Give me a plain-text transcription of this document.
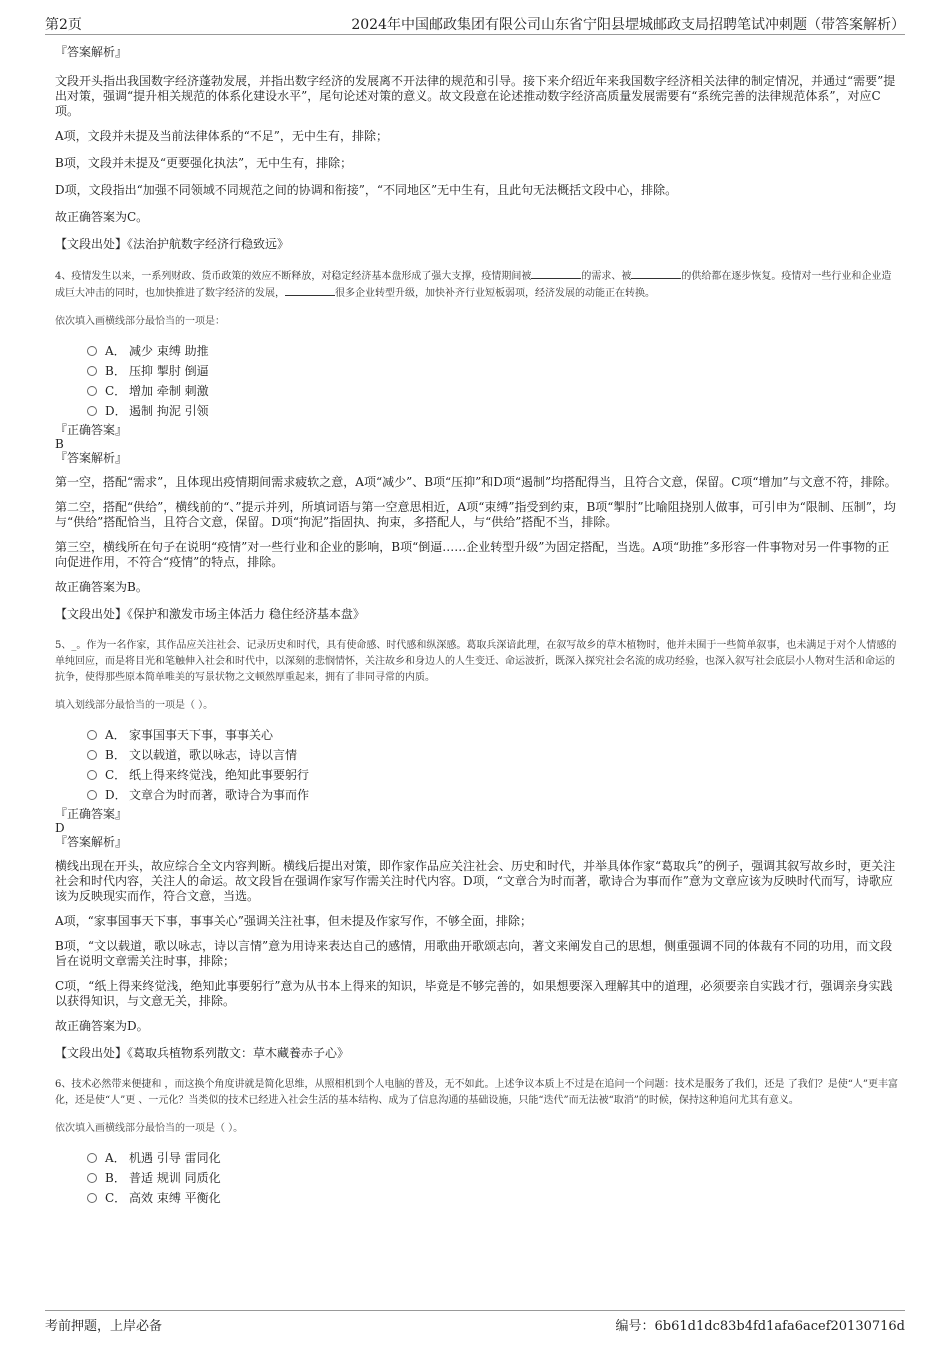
第2页	2024年中国邮政集团有限公司山东省宁阳县堽城邮政支局招聘笔试冲刺题（带答案解析）

『答案解析』

文段开头指出我国数字经济蓬勃发展，并指出数字经济的发展离不开法律的规范和引导。接下来介绍近年来我国数字经济相关法律的制定情况，并通过“需要”提出对策，强调“提升相关规范的体系化建设水平”，尾句论述对策的意义。故文段意在论述推动数字经济高质量发展需要有“系统完善的法律规范体系”，对应C项。

A项，文段并未提及当前法律体系的“不足”，无中生有，排除；

B项，文段并未提及“更要强化执法”，无中生有，排除；

D项，文段指出“加强不同领域不同规范之间的协调和衔接”，“不同地区”无中生有，且此句无法概括文段中心，排除。

故正确答案为C。

【文段出处】《法治护航数字经济行稳致远》

4、疫情发生以来，一系列财政、货币政策的效应不断释放，对稳定经济基本盘形成了强大支撑，疫情期间被	的需求、被	的供给都在逐步恢复。疫情对一些行业和企业造成巨大冲击的同时，也加快推进了数字经济的发展，	很多企业转型升级，加快补齐行业短板弱项，经济发展的动能正在转换。

依次填入画横线部分最恰当的一项是：

A． 减少 束缚 助推
B． 压抑 掣肘 倒逼
C． 增加 牵制 刺激
D． 遏制 拘泥 引领

『正确答案』

B

『答案解析』

第一空，搭配“需求”，且体现出疫情期间需求疲软之意，A项“减少”、B项“压抑”和D项“遏制”均搭配得当，且符合文意，保留。C项“增加”与文意不符，排除。

第二空，搭配“供给”，横线前的“、”提示并列，所填词语与第一空意思相近，A项“束缚”指受到约束，B项“掣肘”比喻阻挠别人做事，可引申为“限制、压制”，均与“供给”搭配恰当，且符合文意，保留。D项“拘泥”指固执、拘束，多搭配人，与“供给”搭配不当，排除。

第三空，横线所在句子在说明“疫情”对一些行业和企业的影响，B项“倒逼……企业转型升级”为固定搭配，当选。A项“助推”多形容一件事物对另一件事物的正向促进作用，不符合“疫情”的特点，排除。

故正确答案为B。

【文段出处】《保护和激发市场主体活力 稳住经济基本盘》

5、_。作为一名作家，其作品应关注社会、记录历史和时代，具有使命感、时代感和纵深感。葛取兵深谙此理，在叙写故乡的草木植物时，他并未囿于一些简单叙事，也未满足于对个人情感的单纯回应，而是将目光和笔触伸入社会和时代中，以深刻的悲悯情怀，关注故乡和身边人的人生变迁、命运波折，既深入探究社会名流的成功经验，也深入叙写社会底层小人物对生活和命运的抗争，使得那些原本简单唯美的写景状物之文顿然厚重起来，拥有了非同寻常的内质。

填入划线部分最恰当的一项是（ ）。

A． 家事国事天下事，事事关心
B． 文以载道，歌以咏志，诗以言情
C． 纸上得来终觉浅，绝知此事要躬行
D． 文章合为时而著，歌诗合为事而作

『正确答案』

D

『答案解析』

横线出现在开头，故应综合全文内容判断。横线后提出对策，即作家作品应关注社会、历史和时代，并举具体作家“葛取兵”的例子，强调其叙写故乡时，更关注社会和时代内容，关注人的命运。故文段旨在强调作家写作需关注时代内容。D项，“文章合为时而著，歌诗合为事而作”意为文章应该为反映时代而写，诗歌应该为反映现实而作，符合文意，当选。

A项，“家事国事天下事，事事关心”强调关注社事，但未提及作家写作，不够全面，排除；

B项，“文以载道，歌以咏志，诗以言情”意为用诗来表达自己的感情，用歌曲开歌颂志向，著文来阐发自己的思想，侧重强调不同的体裁有不同的功用，而文段旨在说明文章需关注时事，排除；

C项，“纸上得来终觉浅，绝知此事要躬行”意为从书本上得来的知识，毕竟是不够完善的，如果想要深入理解其中的道理，必须要亲自实践才行，强调亲身实践以获得知识，与文意无关，排除。

故正确答案为D。

【文段出处】《葛取兵植物系列散文：草木藏養赤子心》

6、技术必然带来便捷和 ，而这换个角度讲就是简化思维，从照相机到个人电脑的普及，无不如此。上述争议本质上不过是在追问一个问题：技术是服务了我们，还是 了我们？是使“人”更丰富化，还是使“人”更 、一元化？当类似的技术已经进入社会生活的基本结构、成为了信息沟通的基础设施，只能“迭代”而无法被“取消”的时候，保持这种追问尤其有意义。

依次填入画横线部分最恰当的一项是（ ）。

A． 机遇 引导 雷同化
B． 普适 规训 同质化
C． 高效 束缚 平衡化
考前押题，上岸必备	编号：6b61d1dc83b4fd1afa6acef20130716d
